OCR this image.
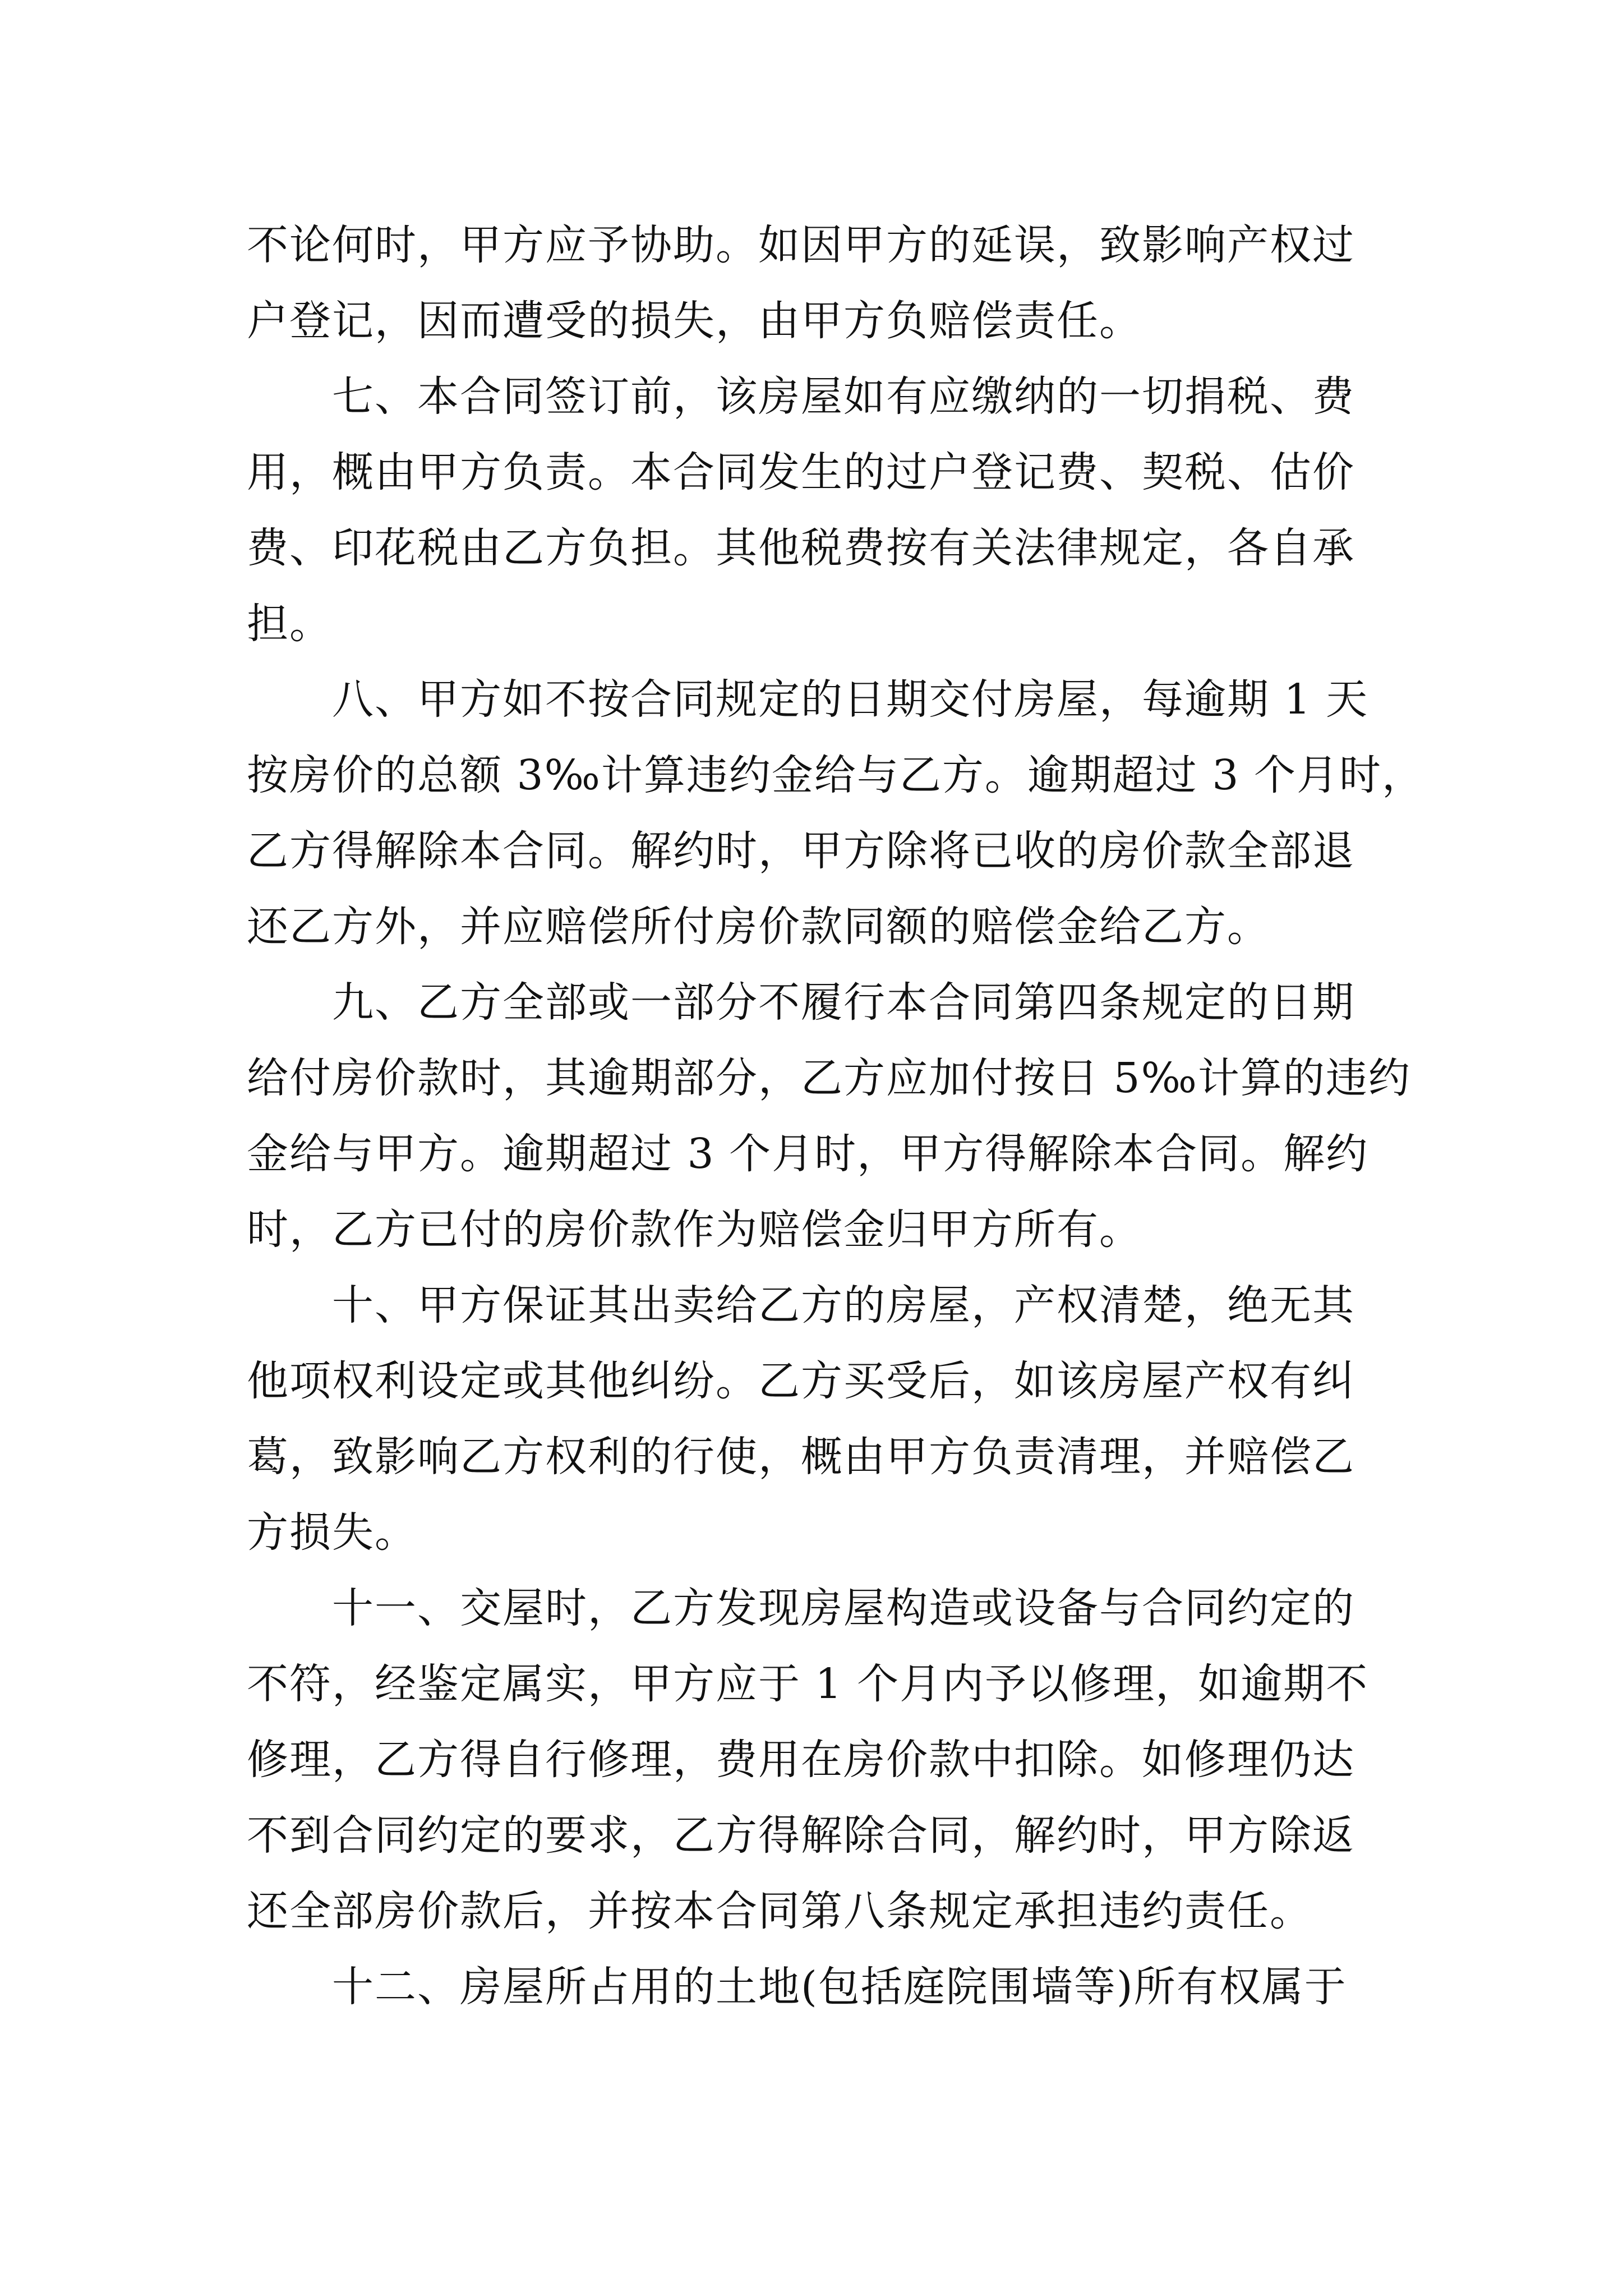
不论何时，甲方应予协助。如因甲方的延误，致影响产权过
户登记，因而遭受的损失，由甲方负赔偿责任。
　　七、本合同签订前，该房屋如有应缴纳的一切捐税、费
用，概由甲方负责。本合同发生的过户登记费、契税、估价
费、印花税由乙方负担。其他税费按有关法律规定，各自承
担。
　　八、甲方如不按合同规定的日期交付房屋，每逾期 1 天
按房价的总额 3‰计算违约金给与乙方。逾期超过 3 个月时，
乙方得解除本合同。解约时，甲方除将已收的房价款全部退
还乙方外，并应赔偿所付房价款同额的赔偿金给乙方。
　　九、乙方全部或一部分不履行本合同第四条规定的日期
给付房价款时，其逾期部分，乙方应加付按日 5‰计算的违约
金给与甲方。逾期超过 3 个月时，甲方得解除本合同。解约
时，乙方已付的房价款作为赔偿金归甲方所有。
　　十、甲方保证其出卖给乙方的房屋，产权清楚，绝无其
他项权利设定或其他纠纷。乙方买受后，如该房屋产权有纠
葛，致影响乙方权利的行使，概由甲方负责清理，并赔偿乙
方损失。
　　十一、交屋时，乙方发现房屋构造或设备与合同约定的
不符，经鉴定属实，甲方应于 1 个月内予以修理，如逾期不
修理，乙方得自行修理，费用在房价款中扣除。如修理仍达
不到合同约定的要求，乙方得解除合同，解约时，甲方除返
还全部房价款后，并按本合同第八条规定承担违约责任。
　　十二、房屋所占用的土地(包括庭院围墙等)所有权属于
